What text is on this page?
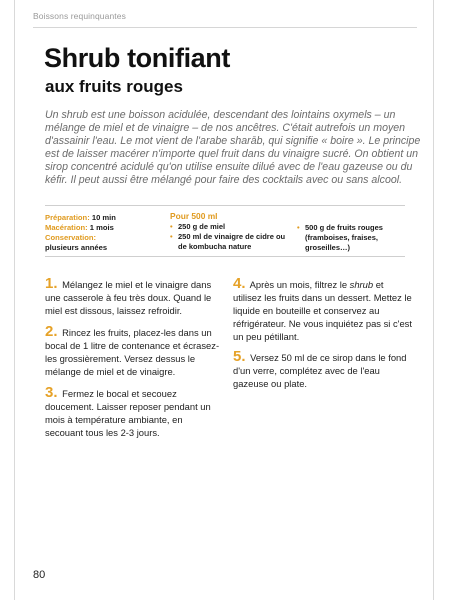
Boissons requinquantes
Shrub tonifiant
aux fruits rouges

Un shrub est une boisson acidulée, descendant des lointains oxymels – un mélange de miel et de vinaigre – de nos ancêtres. C'était autrefois un moyen d'assainir l'eau. Le mot vient de l'arabe sharāb, qui signifie « boire ». Le principe est de laisser macérer n'importe quel fruit dans du vinaigre sucré. On obtient un sirop concentré acidulé qu'on utilise ensuite dilué avec de l'eau gazeuse ou du kéfir. Il peut aussi être mélangé pour faire des cocktails avec ou sans alcool.

Préparation: 10 min
Macération: 1 mois
Conservation:
plusieurs années
Pour 500 ml
• 250 g de miel
• 250 ml de vinaigre de cidre ou de kombucha nature
• 500 g de fruits rouges (framboises, fraises, groseilles…)

1. Mélangez le miel et le vinaigre dans une casserole à feu très doux. Quand le miel est dissous, laissez refroidir.

2. Rincez les fruits, placez-les dans un bocal de 1 litre de contenance et écrasez-les grossièrement. Versez dessus le mélange de miel et de vinaigre.

3. Fermez le bocal et secouez doucement. Laisser reposer pendant un mois à température ambiante, en secouant tous les 2-3 jours.

4. Après un mois, filtrez le shrub et utilisez les fruits dans un dessert. Mettez le liquide en bouteille et conservez au réfrigérateur. Ne vous inquiétez pas si c'est un peu pétillant.

5. Versez 50 ml de ce sirop dans le fond d'un verre, complétez avec de l'eau gazeuse ou plate.

80
